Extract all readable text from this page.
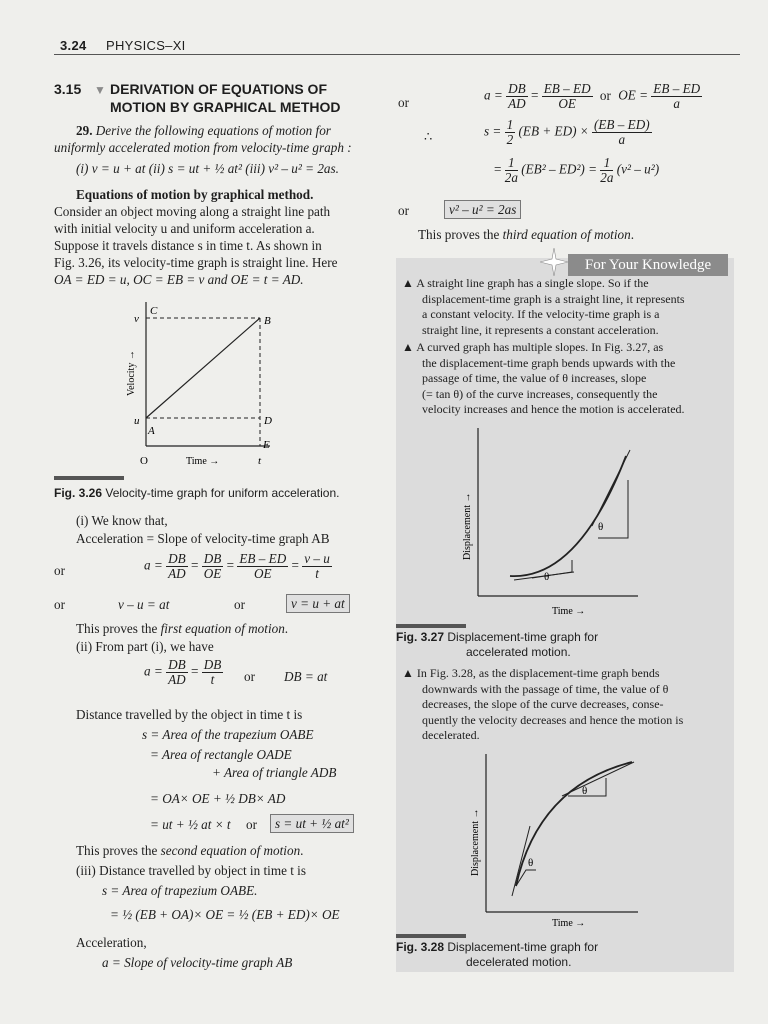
3.24 PHYSICS–XI
3.15 ▼ DERIVATION OF EQUATIONS OF
MOTION BY GRAPHICAL METHOD
29. Derive the following equations of motion for
uniformly accelerated motion from velocity-time graph :
(i) v = u + at (ii) s = ut + ½ at² (iii) v² – u² = 2as.
Equations of motion by graphical method.
Consider an object moving along a straight line path
with initial velocity u and uniform acceleration a.
Suppose it travels distance s in time t. As shown in
Fig. 3.26, its velocity-time graph is straight line. Here
OA = ED = u, OC = EB = v and OE = t = AD.
C
B
v
u
A
D
E
O	t
Time →
Velocity →
Fig. 3.26 Velocity-time graph for uniform acceleration.
(i) We know that,
Acceleration = Slope of velocity-time graph AB
or	$a = \frac{DB}{AD} = \frac{DB}{OE} = \frac{EB - ED}{OE} = \frac{v - u}{t}$
or	v – u = at	or	v = u + at
This proves the first equation of motion.
(ii) From part (i), we have
$a = \frac{DB}{AD} = \frac{DB}{t}$ or DB = at
Distance travelled by the object in time t is
s = Area of the trapezium OABE
= Area of rectangle OADE
+ Area of triangle ADB
= OA× OE + ½ DB× AD
= ut + ½ at × t or	s = ut + ½ at²
This proves the second equation of motion.
(iii) Distance travelled by object in time t is
s = Area of trapezium OABE.
= ½ (EB + OA)× OE = ½ (EB + ED)× OE
Acceleration,
a = Slope of velocity-time graph AB
or	$a = \frac{DB}{AD} = \frac{EB - ED}{OE}$ or OE = $\frac{EB - ED}{a}$
∴	$s = \frac{1}{2} (EB + ED) \times \frac{(EB - ED)}{a}$
= $\frac{1}{2a} (EB^2 - ED^2) = \frac{1}{2a} (v^2 - u^2)$
or	v² – u² = 2as
This proves the third equation of motion.
For Your Knowledge
▲ A straight line graph has a single slope. So if the
displacement-time graph is a straight line, it represents
a constant velocity. If the velocity-time graph is a
straight line, it represents a constant acceleration.
▲ A curved graph has multiple slopes. In Fig. 3.27, as
the displacement-time graph bends upwards with the
passage of time, the value of θ increases, slope
(= tan θ) of the curve increases, consequently the
velocity increases and hence the motion is accelerated.
θ
θ
Time →
Displacement →
Fig. 3.27 Displacement-time graph for
accelerated motion.
▲ In Fig. 3.28, as the displacement-time graph bends
downwards with the passage of time, the value of θ
decreases, the slope of the curve decreases, conse-
quently the velocity decreases and hence the motion is
decelerated.
θ
θ
Time →
Displacement →
Fig. 3.28 Displacement-time graph for
decelerated motion.
